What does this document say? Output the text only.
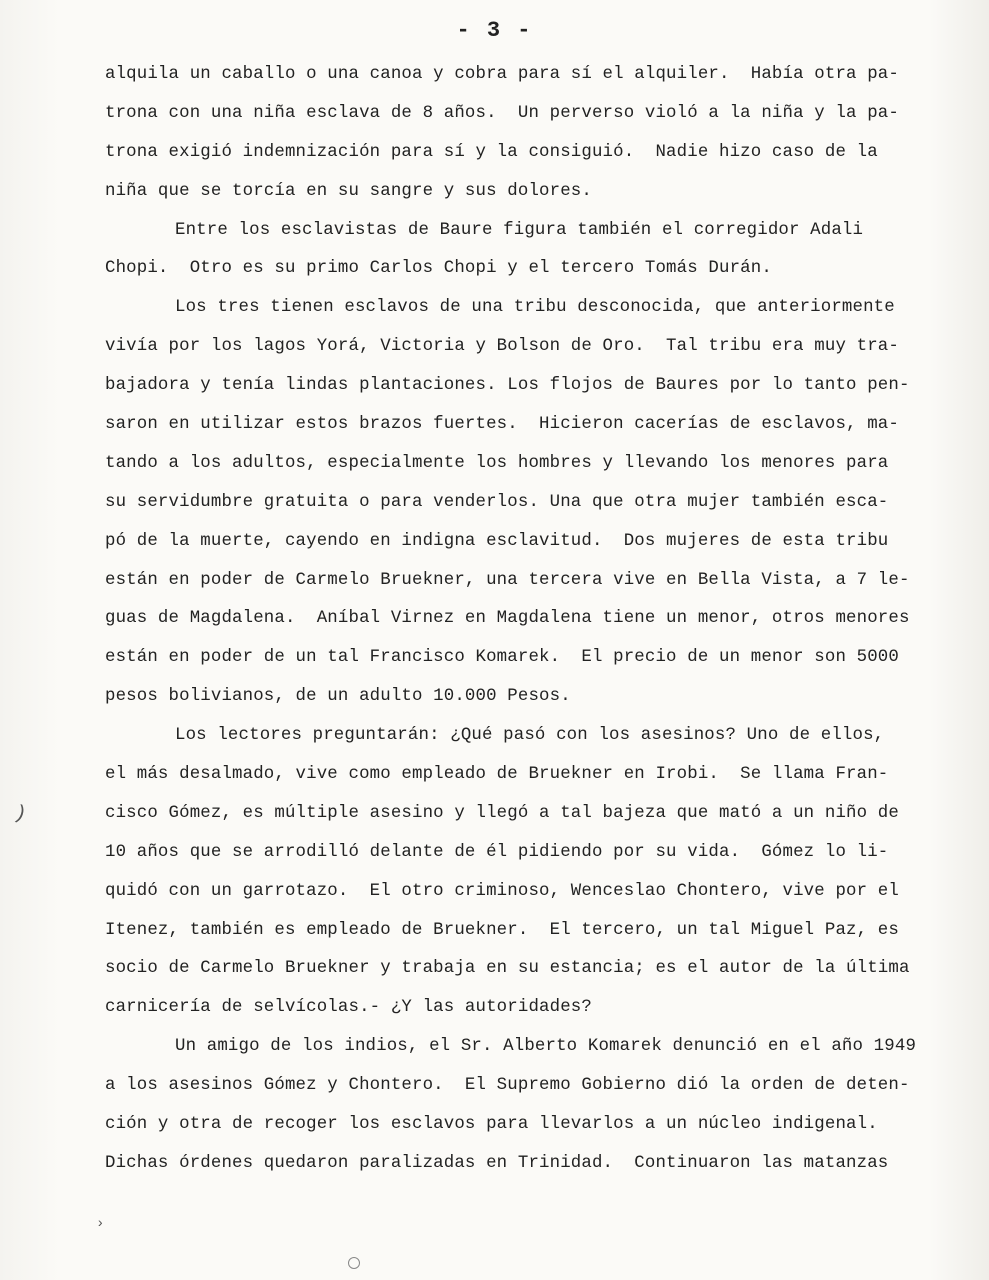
- 3 -
alquila un caballo o una canoa y cobra para sí el alquiler.  Había otra pa-
trona con una niña esclava de 8 años.  Un perverso violó a la niña y la pa-
trona exigió indemnización para sí y la consiguió.  Nadie hizo caso de la
niña que se torcía en su sangre y sus dolores.
Entre los esclavistas de Baure figura también el corregidor Adali
Chopi.  Otro es su primo Carlos Chopi y el tercero Tomás Durán.
Los tres tienen esclavos de una tribu desconocida, que anteriormente
vivía por los lagos Yorá, Victoria y Bolson de Oro.  Tal tribu era muy tra-
bajadora y tenía lindas plantaciones. Los flojos de Baures por lo tanto pen-
saron en utilizar estos brazos fuertes.  Hicieron cacerías de esclavos, ma-
tando a los adultos, especialmente los hombres y llevando los menores para
su servidumbre gratuita o para venderlos. Una que otra mujer también esca-
pó de la muerte, cayendo en indigna esclavitud.  Dos mujeres de esta tribu
están en poder de Carmelo Bruekner, una tercera vive en Bella Vista, a 7 le-
guas de Magdalena.  Aníbal Virnez en Magdalena tiene un menor, otros menores
están en poder de un tal Francisco Komarek.  El precio de un menor son 5000
pesos bolivianos, de un adulto 10.000 Pesos.
Los lectores preguntarán: ¿Qué pasó con los asesinos? Uno de ellos,
el más desalmado, vive como empleado de Bruekner en Irobi.  Se llama Fran-
cisco Gómez, es múltiple asesino y llegó a tal bajeza que mató a un niño de
10 años que se arrodilló delante de él pidiendo por su vida.  Gómez lo li-
quidó con un garrotazo.  El otro criminoso, Wenceslao Chontero, vive por el
Itenez, también es empleado de Bruekner.  El tercero, un tal Miguel Paz, es
socio de Carmelo Bruekner y trabaja en su estancia; es el autor de la última
carnicería de selvícolas.- ¿Y las autoridades?
Un amigo de los indios, el Sr. Alberto Komarek denunció en el año 1949
a los asesinos Gómez y Chontero.  El Supremo Gobierno dió la orden de deten-
ción y otra de recoger los esclavos para llevarlos a un núcleo indigenal.
Dichas órdenes quedaron paralizadas en Trinidad.  Continuaron las matanzas
)
›
